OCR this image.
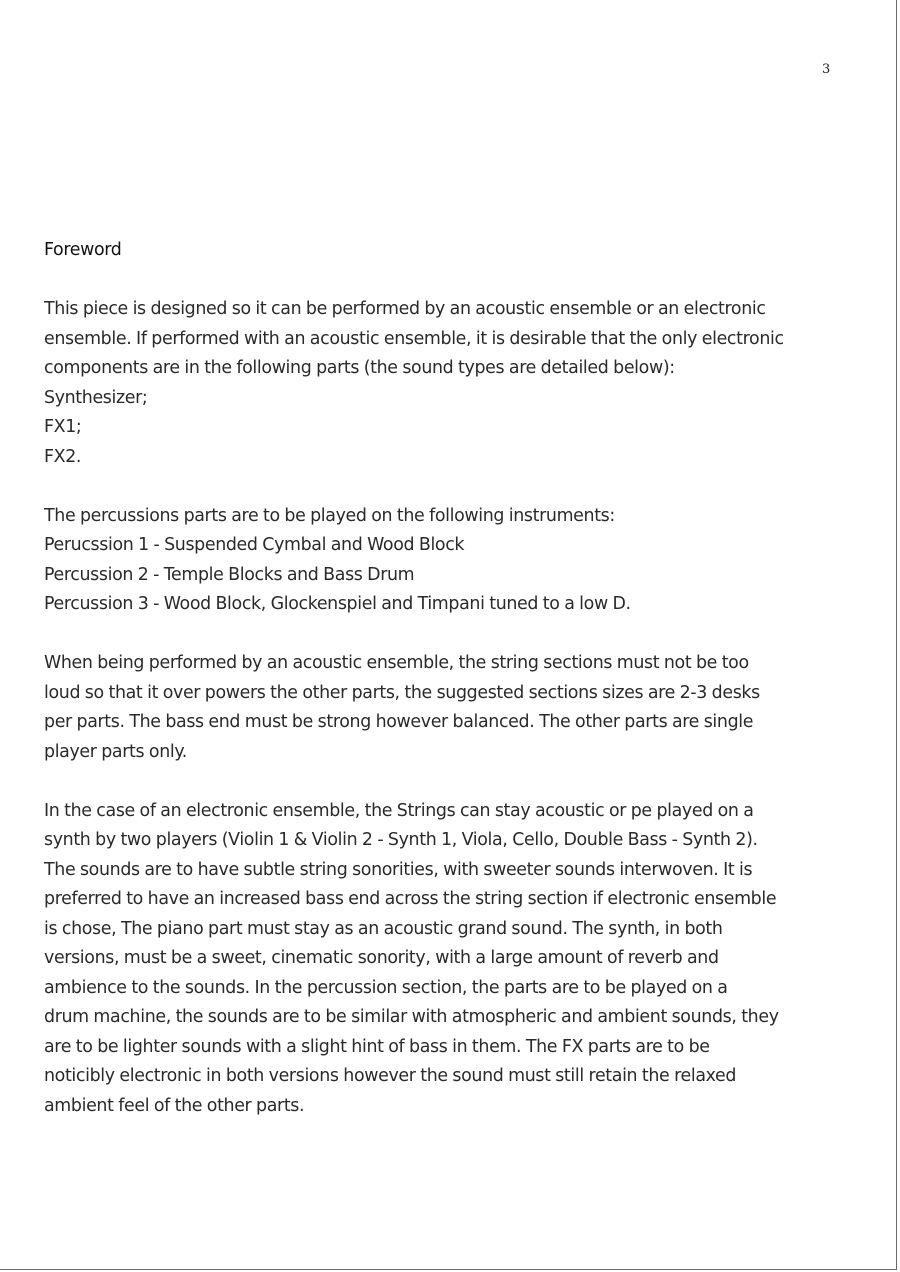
3
Foreword
This piece is designed so it can be performed by an acoustic ensemble or an electronic
ensemble. If performed with an acoustic ensemble, it is desirable that the only electronic
components are in the following parts (the sound types are detailed below):
Synthesizer;
FX1;
FX2.
The percussions parts are to be played on the following instruments:
Perucssion 1 - Suspended Cymbal and Wood Block
Percussion 2 - Temple Blocks and Bass Drum
Percussion 3 - Wood Block, Glockenspiel and Timpani tuned to a low D.
When being performed by an acoustic ensemble, the string sections must not be too
loud so that it over powers the other parts, the suggested sections sizes are 2-3 desks
per parts. The bass end must be strong however balanced. The other parts are single
player parts only.
In the case of an electronic ensemble, the Strings can stay acoustic or pe played on a
synth by two players (Violin 1 & Violin 2 - Synth 1, Viola, Cello, Double Bass - Synth 2).
The sounds are to have subtle string sonorities, with sweeter sounds interwoven. It is
preferred to have an increased bass end across the string section if electronic ensemble
is chose, The piano part must stay as an acoustic grand sound. The synth, in both
versions, must be a sweet, cinematic sonority, with a large amount of reverb and
ambience to the sounds. In the percussion section, the parts are to be played on a
drum machine, the sounds are to be similar with atmospheric and ambient sounds, they
are to be lighter sounds with a slight hint of bass in them. The FX parts are to be
noticibly electronic in both versions however the sound must still retain the relaxed
ambient feel of the other parts.
